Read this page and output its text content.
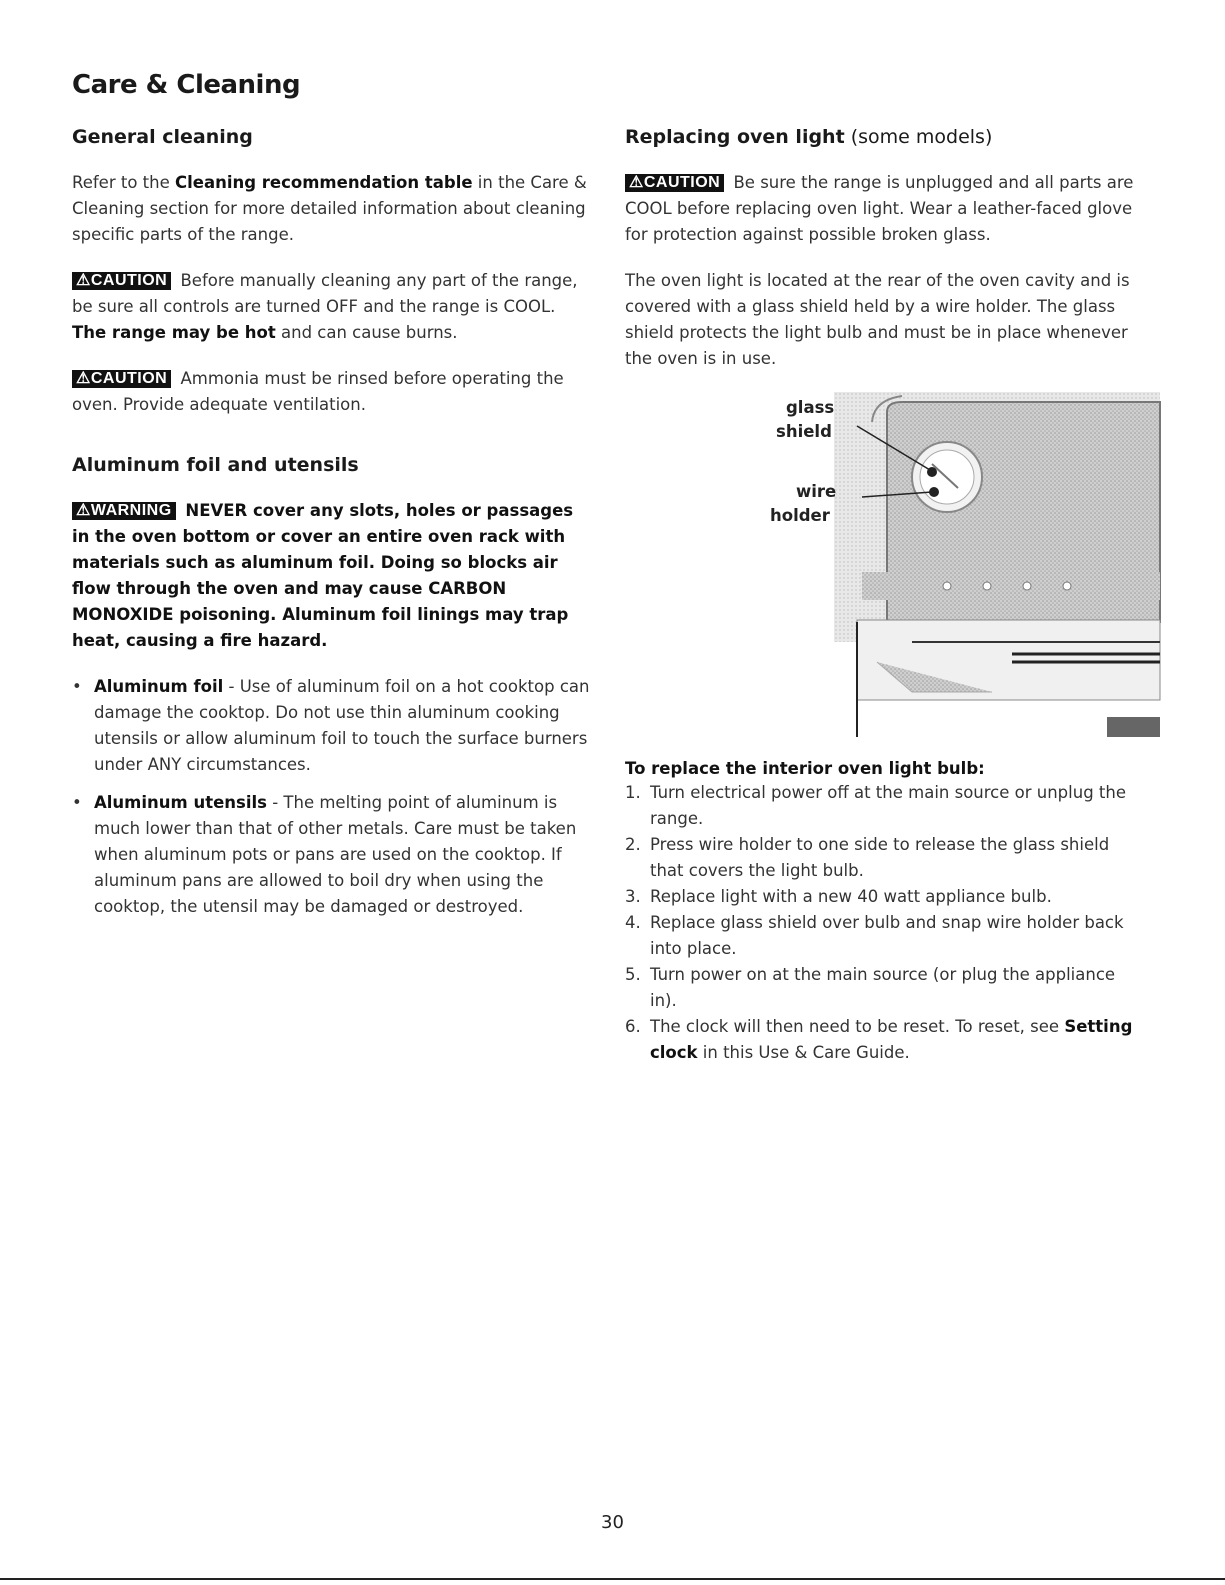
Care & Cleaning
General cleaning

Refer to the Cleaning recommendation table in the Care & Cleaning section for more detailed information about cleaning specific parts of the range.

⚠CAUTION Before manually cleaning any part of the range, be sure all controls are turned OFF and the range is COOL. The range may be hot and can cause burns.

⚠CAUTION Ammonia must be rinsed before operating the oven. Provide adequate ventilation.

Aluminum foil and utensils

⚠WARNING NEVER cover any slots, holes or passages in the oven bottom or cover an entire oven rack with materials such as aluminum foil. Doing so blocks air flow through the oven and may cause CARBON MONOXIDE poisoning. Aluminum foil linings may trap heat, causing a fire hazard.

• Aluminum foil - Use of aluminum foil on a hot cooktop can damage the cooktop. Do not use thin aluminum cooking utensils or allow aluminum foil to touch the surface burners under ANY circumstances.
• Aluminum utensils - The melting point of aluminum is much lower than that of other metals. Care must be taken when aluminum pots or pans are used on the cooktop. If aluminum pans are allowed to boil dry when using the cooktop, the utensil may be damaged or destroyed.
Replacing oven light (some models)

⚠CAUTION Be sure the range is unplugged and all parts are COOL before replacing oven light. Wear a leather-faced glove for protection against possible broken glass.

The oven light is located at the rear of the oven cavity and is covered with a glass shield held by a wire holder. The glass shield protects the light bulb and must be in place whenever the oven is in use.

glass
shield
wire
holder
To replace the interior oven light bulb:
1. Turn electrical power off at the main source or unplug the range.
2. Press wire holder to one side to release the glass shield that covers the light bulb.
3. Replace light with a new 40 watt appliance bulb.
4. Replace glass shield over bulb and snap wire holder back into place.
5. Turn power on at the main source (or plug the appliance in).
6. The clock will then need to be reset. To reset, see Setting clock in this Use & Care Guide.
30
